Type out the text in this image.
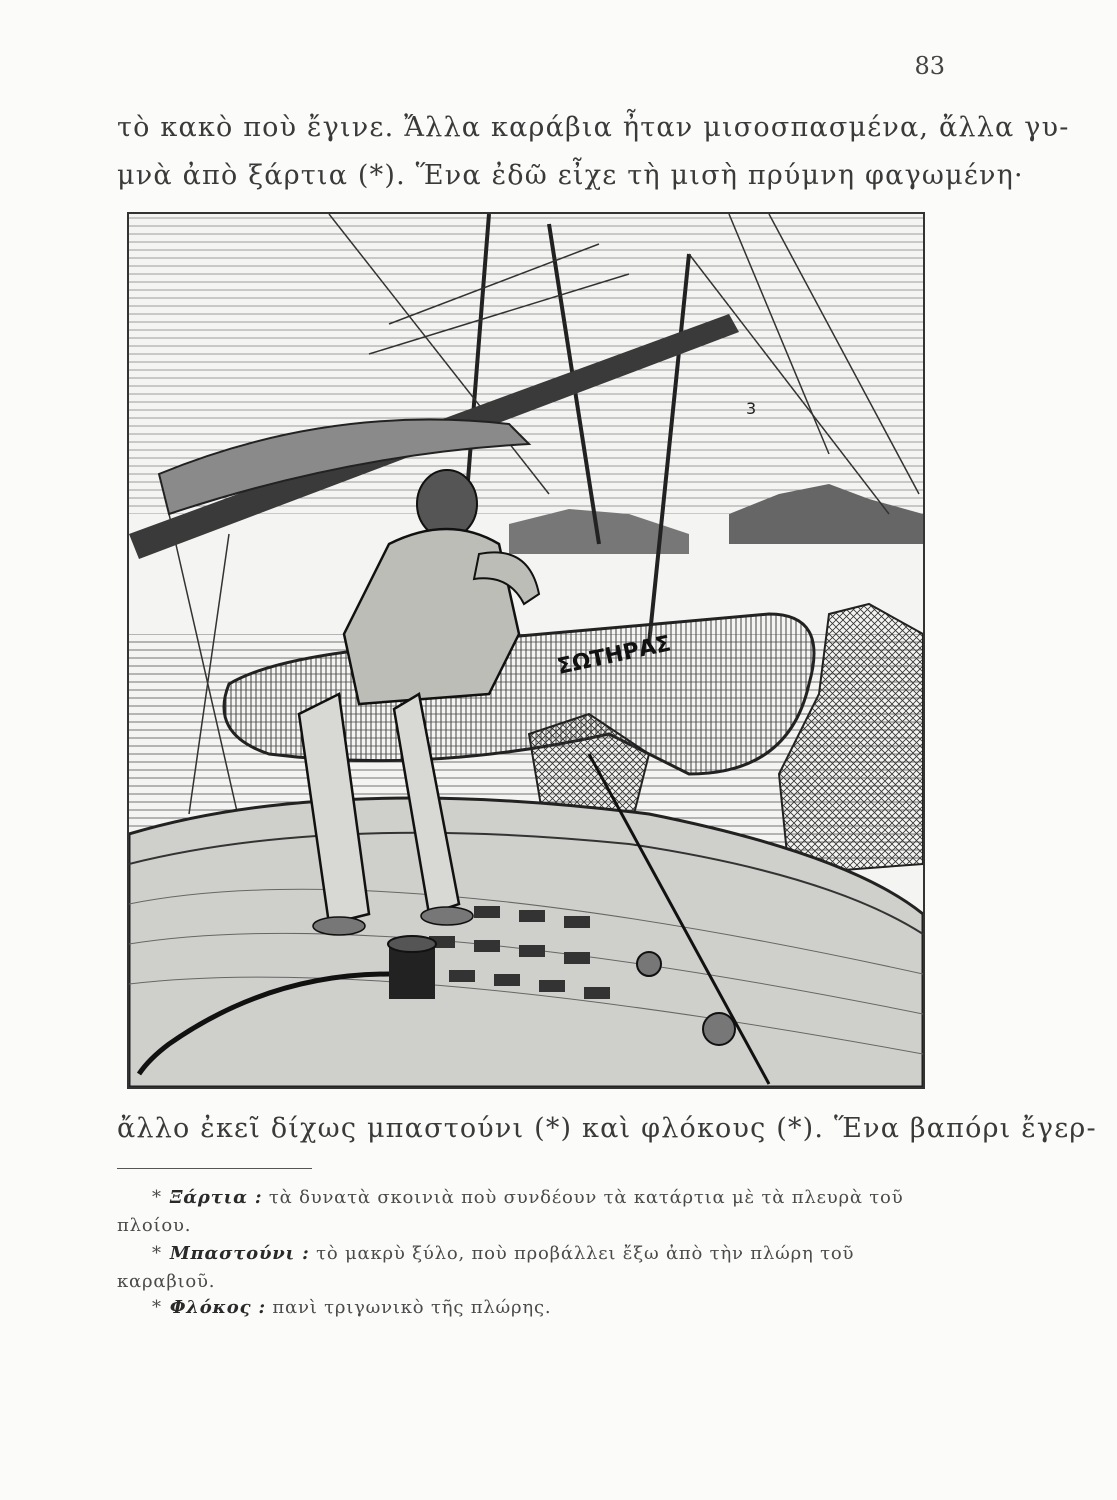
83
τὸ κακὸ ποὺ ἔγινε. Ἄλλα καράβια ἦταν μισοσπασμένα, ἄλλα γυ-
μνὰ ἀπὸ ξάρτια (*). Ἕνα ἐδῶ εἶχε τὴ μισὴ πρύμνη φαγωμένη·
ΣΩΤΗΡΑΣ
3
ἄλλο ἐκεῖ δίχως μπαστούνι (*) καὶ φλόκους (*). Ἕνα βαπόρι ἔγερ-
* Ξάρτια : τὰ δυνατὰ σκοινιὰ ποὺ συνδέουν τὰ κατάρτια μὲ τὰ πλευρὰ τοῦ πλοίου.
* Μπαστούνι : τὸ μακρὺ ξύλο, ποὺ προβάλλει ἔξω ἀπὸ τὴν πλώρη τοῦ καραβιοῦ.
* Φλόκος : πανὶ τριγωνικὸ τῆς πλώρης.
